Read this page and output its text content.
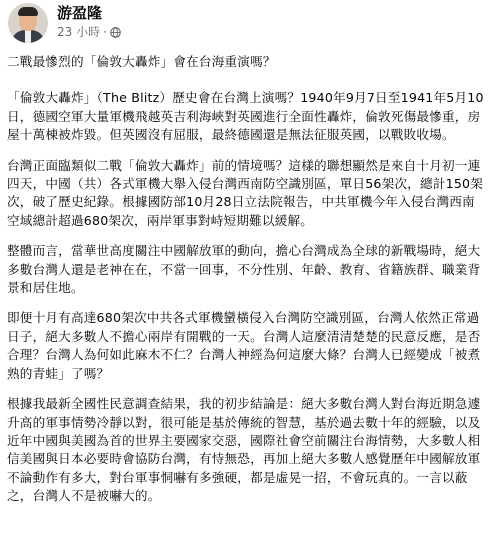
游盈隆
23 小時 ·

二戰最慘烈的「倫敦大轟炸」會在台海重演嗎？

「倫敦大轟炸」（The Blitz）歷史會在台灣上演嗎？1940年9月7日至1941年5月10日，德國空軍大量軍機飛越英吉利海峽對英國進行全面性轟炸，倫敦死傷最慘重，房屋十萬棟被炸毀。但英國沒有屈服，最終德國還是無法征服英國，以戰敗收場。

台灣正面臨類似二戰「倫敦大轟炸」前的情境嗎？這樣的聯想顯然是來自十月初一連四天，中國（共）各式軍機大舉入侵台灣西南防空識別區，單日56架次，總計150架次，破了歷史紀錄。根據國防部10月28日立法院報告，中共軍機今年入侵台灣西南空域總計超過680架次，兩岸軍事對峙短期難以緩解。

整體而言，當華世高度關注中國解放軍的動向，擔心台灣成為全球的新戰場時，絕大多數台灣人還是老神在在，不當一回事，不分性別、年齡、教育、省籍族群、職業背景和居住地。

即便十月有高達680架次中共各式軍機蠻橫侵入台灣防空識別區，台灣人依然正常過日子，絕大多數人不擔心兩岸有開戰的一天。台灣人這麼清清楚楚的民意反應，是否合理？台灣人為何如此麻木不仁？台灣人神經為何這麼大條？台灣人已經變成「被煮熟的青蛙」了嗎？

根據我最新全國性民意調查結果，我的初步結論是：絕大多數台灣人對台海近期急遽升高的軍事情勢冷靜以對，很可能是基於傳統的智慧，基於過去數十年的經驗，以及近年中國與美國為首的世界主要國家交惡，國際社會空前關注台海情勢，大多數人相信美國與日本必要時會協防台灣，有恃無恐，再加上絕大多數人感覺歷年中國解放軍不論動作有多大，對台軍事恫嚇有多強硬，都是虛晃一招，不會玩真的。一言以蔽之，台灣人不是被嚇大的。
